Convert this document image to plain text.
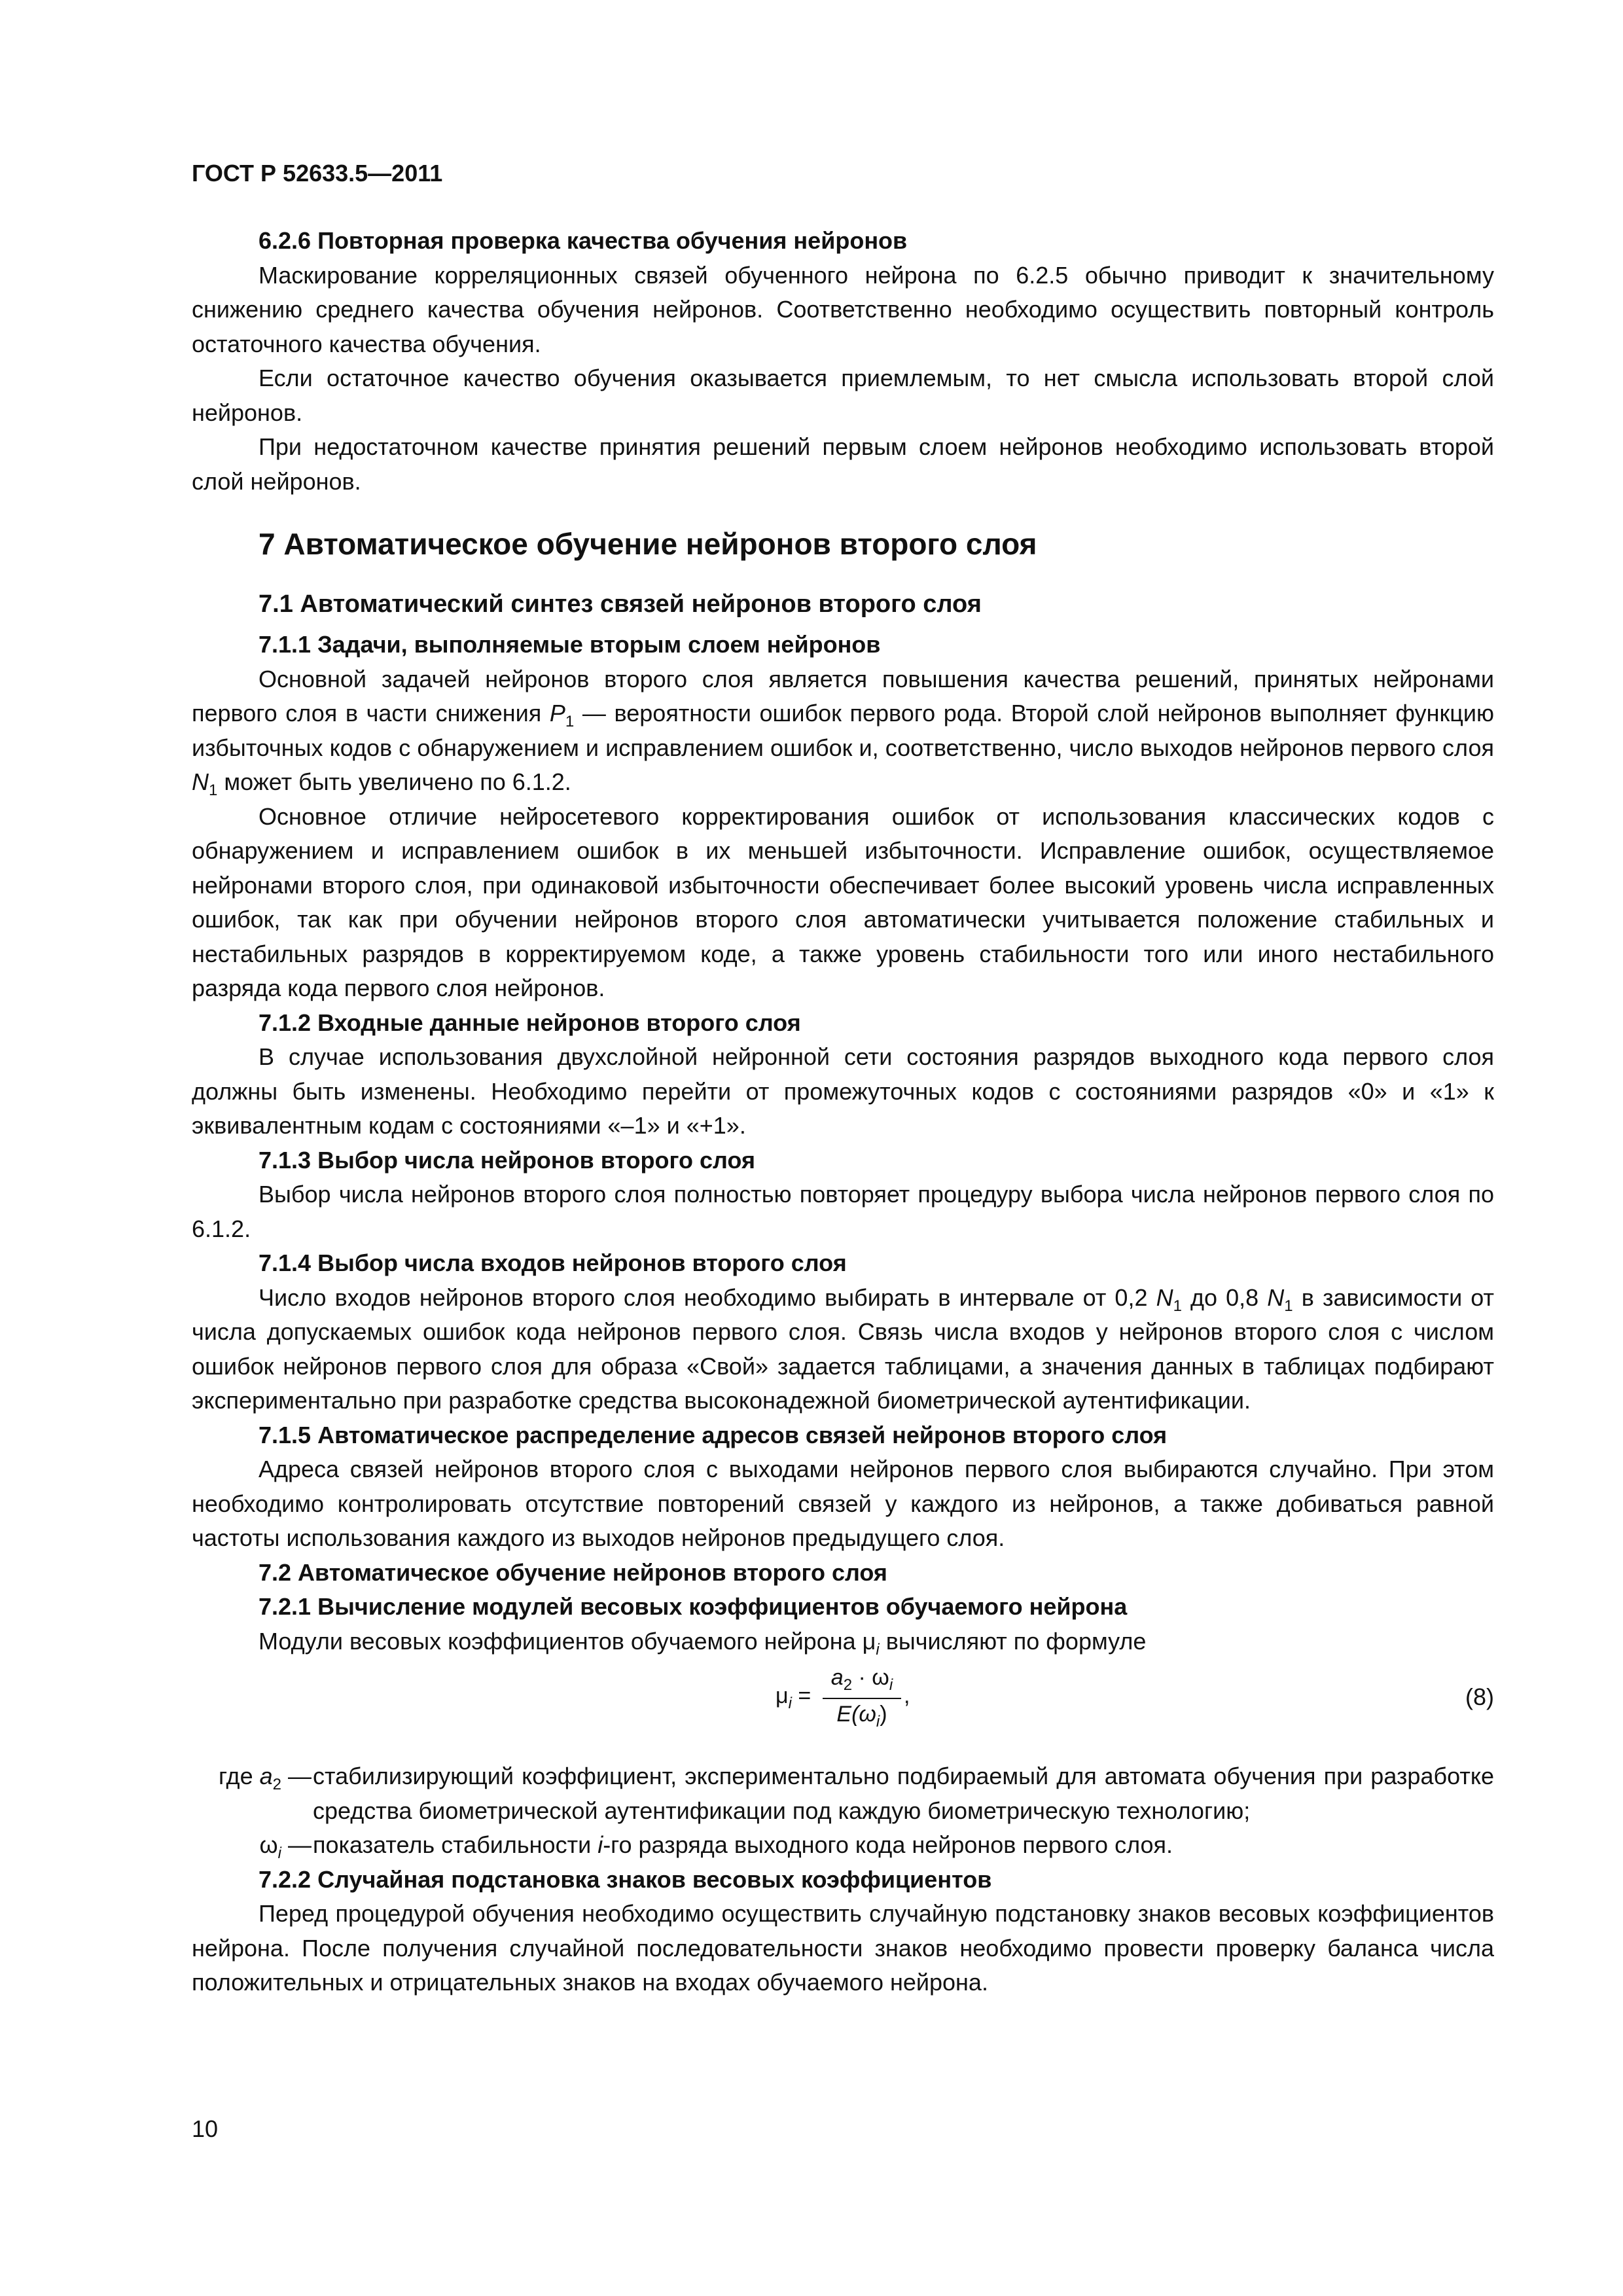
ГОСТ Р 52633.5—2011

6.2.6 Повторная проверка качества обучения нейронов

Маскирование корреляционных связей обученного нейрона по 6.2.5 обычно приводит к значительному снижению среднего качества обучения нейронов. Соответственно необходимо осуществить повторный контроль остаточного качества обучения.

Если остаточное качество обучения оказывается приемлемым, то нет смысла использовать второй слой нейронов.

При недостаточном качестве принятия решений первым слоем нейронов необходимо использовать второй слой нейронов.

7 Автоматическое обучение нейронов второго слоя

7.1 Автоматический синтез связей нейронов второго слоя

7.1.1 Задачи, выполняемые вторым слоем нейронов

Основной задачей нейронов второго слоя является повышения качества решений, принятых нейронами первого слоя в части снижения $P_1$ — вероятности ошибок первого рода. Второй слой нейронов выполняет функцию избыточных кодов с обнаружением и исправлением ошибок и, соответственно, число выходов нейронов первого слоя $N_1$ может быть увеличено по 6.1.2.

Основное отличие нейросетевого корректирования ошибок от использования классических кодов с обнаружением и исправлением ошибок в их меньшей избыточности. Исправление ошибок, осуществляемое нейронами второго слоя, при одинаковой избыточности обеспечивает более высокий уровень числа исправленных ошибок, так как при обучении нейронов второго слоя автоматически учитывается положение стабильных и нестабильных разрядов в корректируемом коде, а также уровень стабильности того или иного нестабильного разряда кода первого слоя нейронов.

7.1.2 Входные данные нейронов второго слоя

В случае использования двухслойной нейронной сети состояния разрядов выходного кода первого слоя должны быть изменены. Необходимо перейти от промежуточных кодов с состояниями разрядов «0» и «1» к эквивалентным кодам с состояниями «–1» и «+1».

7.1.3 Выбор числа нейронов второго слоя

Выбор числа нейронов второго слоя полностью повторяет процедуру выбора числа нейронов первого слоя по 6.1.2.

7.1.4 Выбор числа входов нейронов второго слоя

Число входов нейронов второго слоя необходимо выбирать в интервале от 0,2 $N_1$ до 0,8 $N_1$ в зависимости от числа допускаемых ошибок кода нейронов первого слоя. Связь числа входов у нейронов второго слоя с числом ошибок нейронов первого слоя для образа «Свой» задается таблицами, а значения данных в таблицах подбирают экспериментально при разработке средства высоконадежной биометрической аутентификации.

7.1.5 Автоматическое распределение адресов связей нейронов второго слоя

Адреса связей нейронов второго слоя с выходами нейронов первого слоя выбираются случайно. При этом необходимо контролировать отсутствие повторений связей у каждого из нейронов, а также добиваться равной частоты использования каждого из выходов нейронов предыдущего слоя.

7.2 Автоматическое обучение нейронов второго слоя

7.2.1 Вычисление модулей весовых коэффициентов обучаемого нейрона

Модули весовых коэффициентов обучаемого нейрона $\mu_i$ вычисляют по формуле

$\mu_i$ =
$a_2 \cdot \omega_i$
$E(\omega_i)$
,	(8)
где $a_2$ — стабилизирующий коэффициент, экспериментально подбираемый для автомата обучения при разработке средства биометрической аутентификации под каждую биометрическую технологию;
$\omega_i$ — показатель стабильности i-го разряда выходного кода нейронов первого слоя.

7.2.2 Случайная подстановка знаков весовых коэффициентов

Перед процедурой обучения необходимо осуществить случайную подстановку знаков весовых коэффициентов нейрона. После получения случайной последовательности знаков необходимо провести проверку баланса числа положительных и отрицательных знаков на входах обучаемого нейрона.

10
